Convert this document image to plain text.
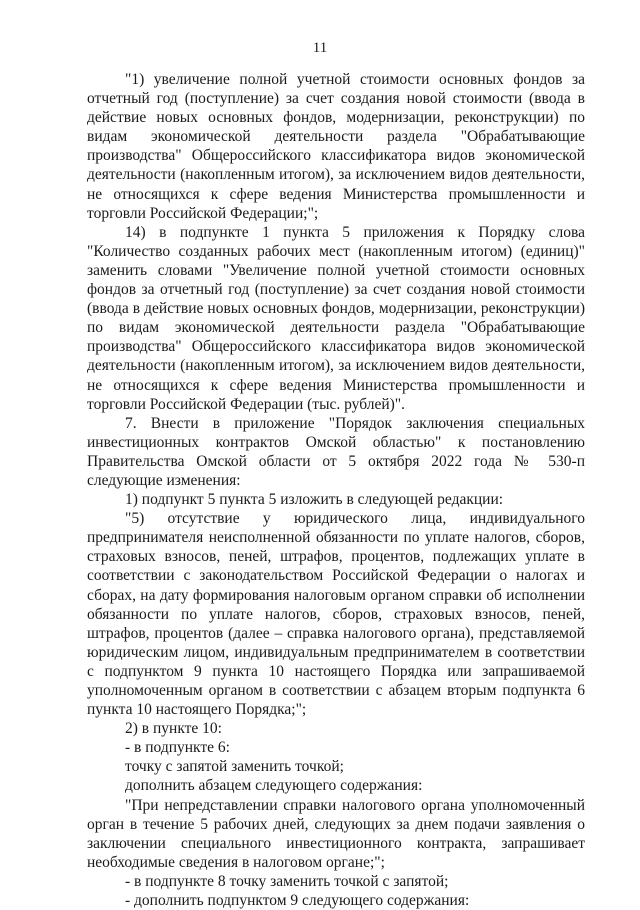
11

"1) увеличение полной учетной стоимости основных фондов за отчетный год (поступление) за счет создания новой стоимости (ввода в действие новых основных фондов, модернизации, реконструкции) по видам экономической деятельности раздела "Обрабатывающие производства" Общероссийского классификатора видов экономической деятельности (накопленным итогом), за исключением видов деятельности, не относящихся к сфере ведения Министерства промышленности и торговли Российской Федерации;";

14) в подпункте 1 пункта 5 приложения к Порядку слова "Количество созданных рабочих мест (накопленным итогом) (единиц)" заменить словами "Увеличение полной учетной стоимости основных фондов за отчетный год (поступление) за счет создания новой стоимости (ввода в действие новых основных фондов, модернизации, реконструкции) по видам экономической деятельности раздела "Обрабатывающие производства" Общероссийского классификатора видов экономической деятельности (накопленным итогом), за исключением видов деятельности, не относящихся к сфере ведения Министерства промышленности и торговли Российской Федерации (тыс. рублей)".

7. Внести в приложение "Порядок заключения специальных инвестиционных контрактов Омской областью" к постановлению Правительства Омской области от 5 октября 2022 года № 530-п следующие изменения:

1) подпункт 5 пункта 5 изложить в следующей редакции:

"5) отсутствие у юридического лица, индивидуального предпринимателя неисполненной обязанности по уплате налогов, сборов, страховых взносов, пеней, штрафов, процентов, подлежащих уплате в соответствии с законодательством Российской Федерации о налогах и сборах, на дату формирования налоговым органом справки об исполнении обязанности по уплате налогов, сборов, страховых взносов, пеней, штрафов, процентов (далее – справка налогового органа), представляемой юридическим лицом, индивидуальным предпринимателем в соответствии с подпунктом 9 пункта 10 настоящего Порядка или запрашиваемой уполномоченным органом в соответствии с абзацем вторым подпункта 6 пункта 10 настоящего Порядка;";

2) в пункте 10:

- в подпункте 6:

точку с запятой заменить точкой;

дополнить абзацем следующего содержания:

"При непредставлении справки налогового органа уполномоченный орган в течение 5 рабочих дней, следующих за днем подачи заявления о заключении специального инвестиционного контракта, запрашивает необходимые сведения в налоговом органе;";

- в подпункте 8 точку заменить точкой с запятой;

- дополнить подпунктом 9 следующего содержания:
